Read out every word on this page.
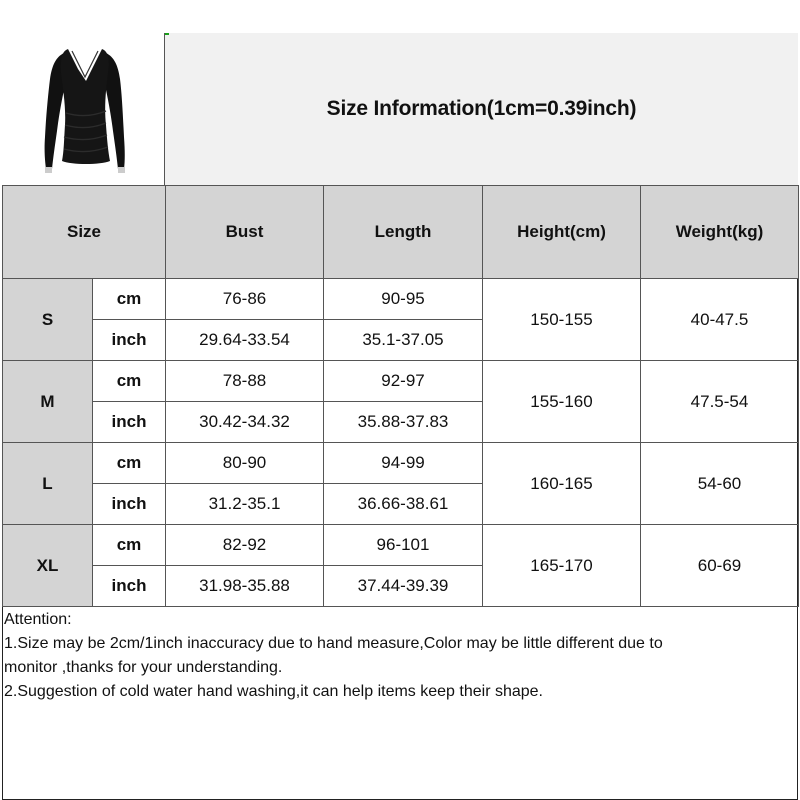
Size Information(1cm=0.39inch)
Size		Bust	Length	Height(cm)	Weight(kg)
S	cm	76-86	90-95	150-155	40-47.5
	inch	29.64-33.54	35.1-37.05		
M	cm	78-88	92-97	155-160	47.5-54
	inch	30.42-34.32	35.88-37.83		
L	cm	80-90	94-99	160-165	54-60
	inch	31.2-35.1	36.66-38.61		
XL	cm	82-92	96-101	165-170	60-69
	inch	31.98-35.88	37.44-39.39		
Attention:
1.Size may be 2cm/1inch inaccuracy due to hand measure,Color may be little different due to
monitor ,thanks for your understanding.
2.Suggestion of cold water hand washing,it can help items keep their shape.
